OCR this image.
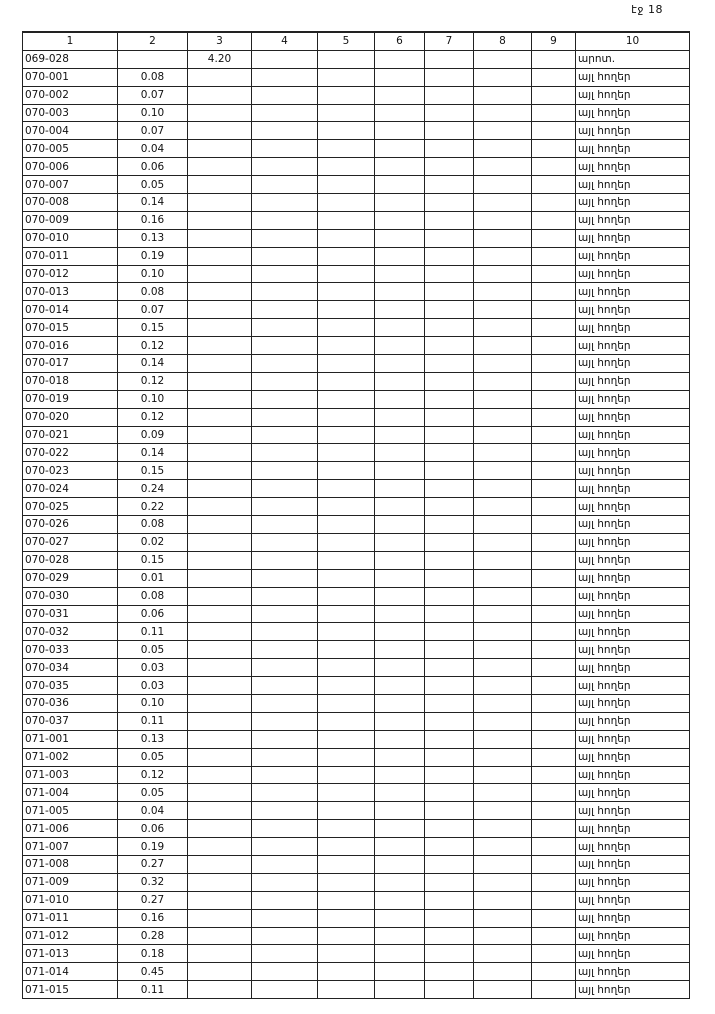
էջ 18
1	2	3	4	5	6	7	8	9	10
069-028		4.20							արոտ.
070-001	0.08								այլ հողեր
070-002	0.07								այլ հողեր
070-003	0.10								այլ հողեր
070-004	0.07								այլ հողեր
070-005	0.04								այլ հողեր
070-006	0.06								այլ հողեր
070-007	0.05								այլ հողեր
070-008	0.14								այլ հողեր
070-009	0.16								այլ հողեր
070-010	0.13								այլ հողեր
070-011	0.19								այլ հողեր
070-012	0.10								այլ հողեր
070-013	0.08								այլ հողեր
070-014	0.07								այլ հողեր
070-015	0.15								այլ հողեր
070-016	0.12								այլ հողեր
070-017	0.14								այլ հողեր
070-018	0.12								այլ հողեր
070-019	0.10								այլ հողեր
070-020	0.12								այլ հողեր
070-021	0.09								այլ հողեր
070-022	0.14								այլ հողեր
070-023	0.15								այլ հողեր
070-024	0.24								այլ հողեր
070-025	0.22								այլ հողեր
070-026	0.08								այլ հողեր
070-027	0.02								այլ հողեր
070-028	0.15								այլ հողեր
070-029	0.01								այլ հողեր
070-030	0.08								այլ հողեր
070-031	0.06								այլ հողեր
070-032	0.11								այլ հողեր
070-033	0.05								այլ հողեր
070-034	0.03								այլ հողեր
070-035	0.03								այլ հողեր
070-036	0.10								այլ հողեր
070-037	0.11								այլ հողեր
071-001	0.13								այլ հողեր
071-002	0.05								այլ հողեր
071-003	0.12								այլ հողեր
071-004	0.05								այլ հողեր
071-005	0.04								այլ հողեր
071-006	0.06								այլ հողեր
071-007	0.19								այլ հողեր
071-008	0.27								այլ հողեր
071-009	0.32								այլ հողեր
071-010	0.27								այլ հողեր
071-011	0.16								այլ հողեր
071-012	0.28								այլ հողեր
071-013	0.18								այլ հողեր
071-014	0.45								այլ հողեր
071-015	0.11								այլ հողեր
